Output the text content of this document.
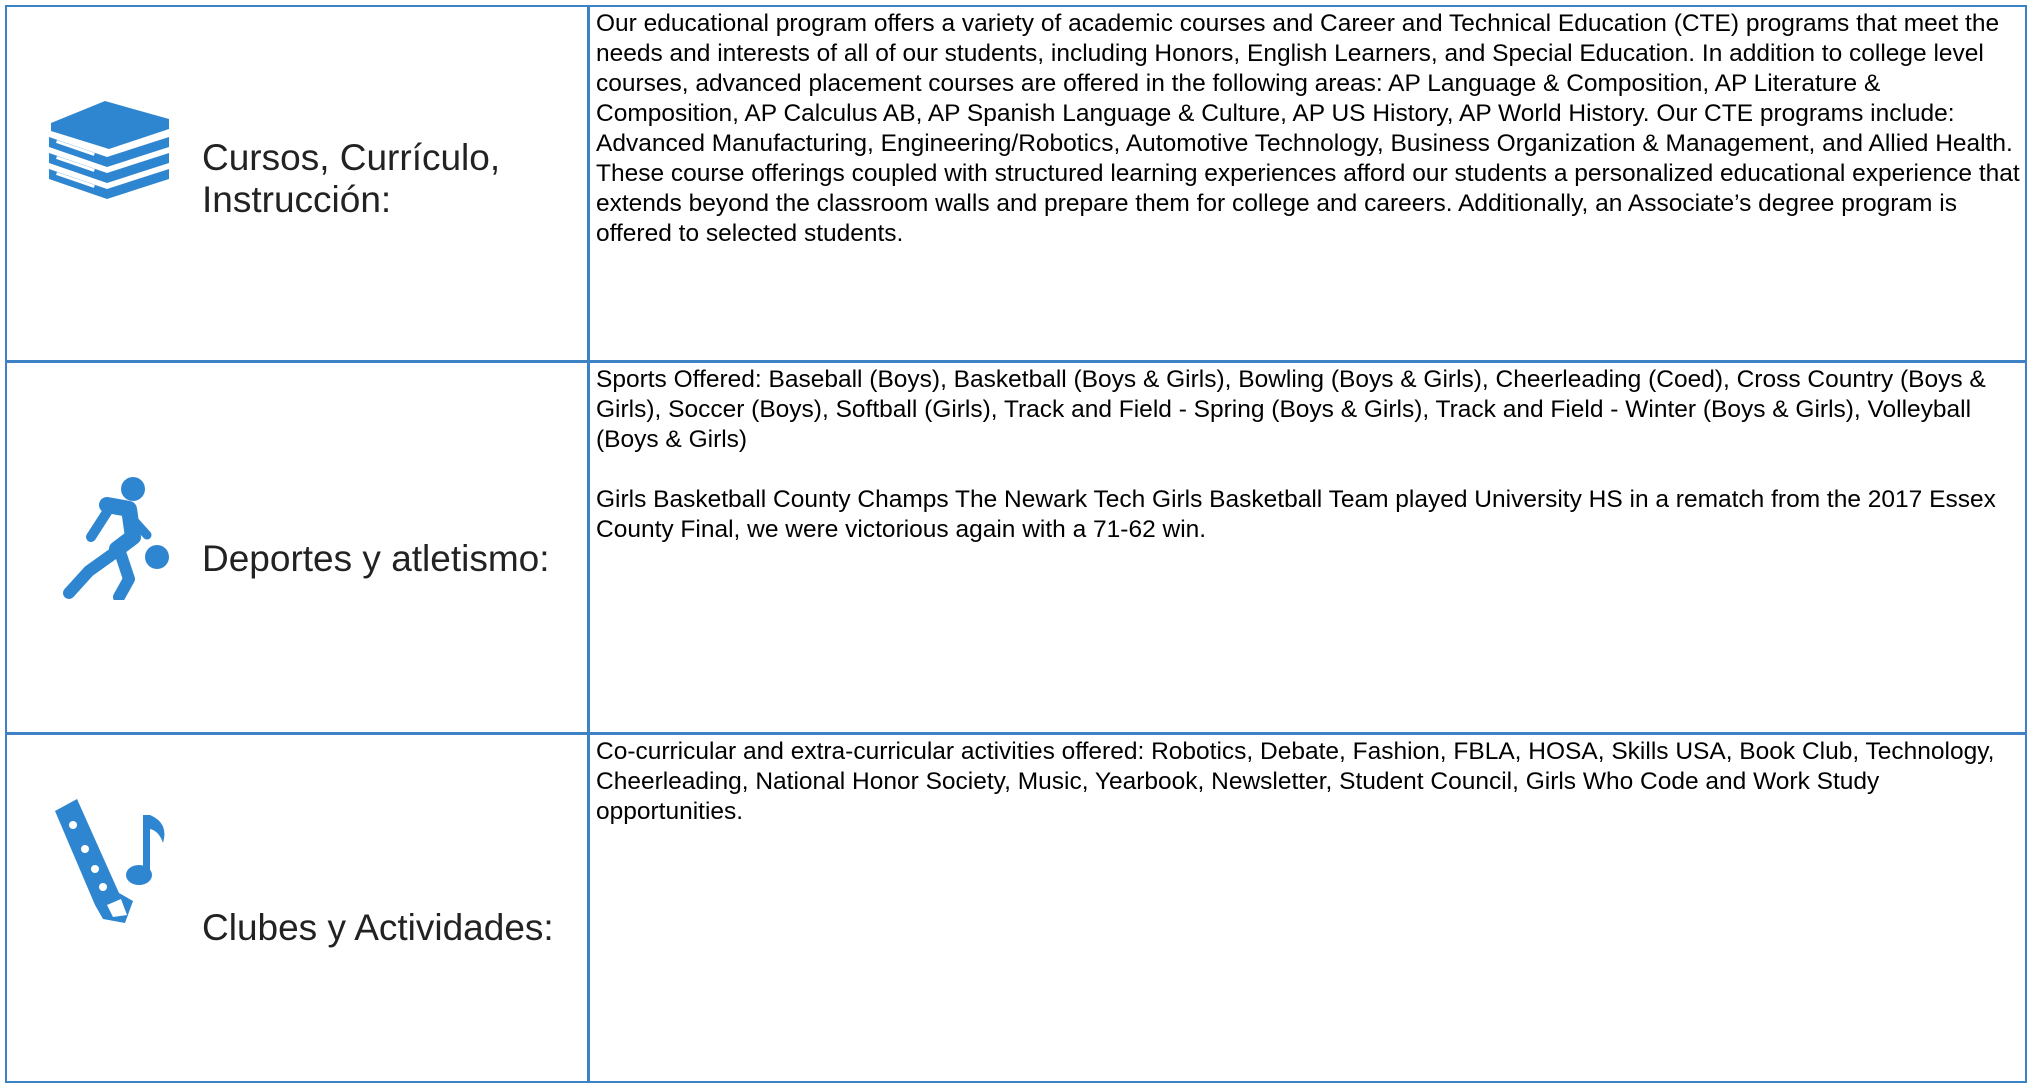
Cursos, Currículo, Instrucción:

Our educational program offers a variety of academic courses and Career and Technical Education (CTE) programs that meet the needs and interests of all of our students, including Honors, English Learners, and Special Education. In addition to college level courses, advanced placement courses are offered in the following areas: AP Language & Composition, AP Literature & Composition, AP Calculus AB, AP Spanish Language & Culture, AP US History, AP World History. Our CTE programs include: Advanced Manufacturing, Engineering/Robotics, Automotive Technology, Business Organization & Management, and Allied Health. These course offerings coupled with structured learning experiences afford our students a personalized educational experience that extends beyond the classroom walls and prepare them for college and careers. Additionally, an Associate’s degree program is offered to selected students.

Deportes y atletismo:

Sports Offered: Baseball (Boys), Basketball (Boys & Girls), Bowling (Boys & Girls), Cheerleading (Coed), Cross Country (Boys & Girls), Soccer (Boys), Softball (Girls), Track and Field - Spring (Boys & Girls), Track and Field - Winter (Boys & Girls), Volleyball (Boys & Girls)

Girls Basketball County Champs The Newark Tech Girls Basketball Team played University HS in a rematch from the 2017 Essex County Final, we were victorious again with a 71-62 win.

Clubes y Actividades:

Co-curricular and extra-curricular activities offered: Robotics, Debate, Fashion, FBLA, HOSA, Skills USA, Book Club, Technology, Cheerleading, National Honor Society, Music, Yearbook, Newsletter, Student Council, Girls Who Code and Work Study opportunities.
